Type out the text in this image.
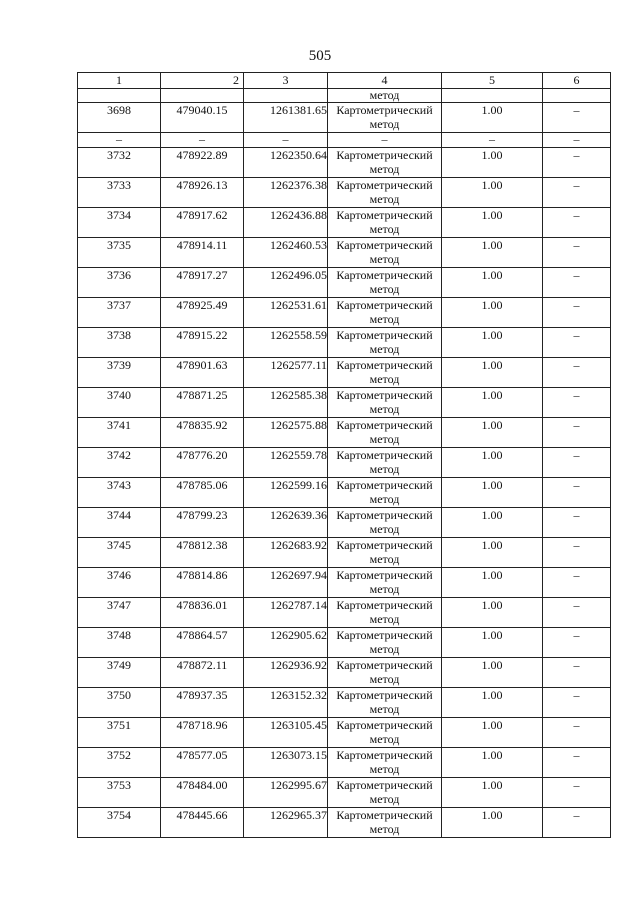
505
1	2	3	4	5	6
			метод		
3698	479040.15	1261381.65	Картометрический метод	1.00	–
–	–	–	–	–	–
3732	478922.89	1262350.64	Картометрический метод	1.00	–
3733	478926.13	1262376.38	Картометрический метод	1.00	–
3734	478917.62	1262436.88	Картометрический метод	1.00	–
3735	478914.11	1262460.53	Картометрический метод	1.00	–
3736	478917.27	1262496.05	Картометрический метод	1.00	–
3737	478925.49	1262531.61	Картометрический метод	1.00	–
3738	478915.22	1262558.59	Картометрический метод	1.00	–
3739	478901.63	1262577.11	Картометрический метод	1.00	–
3740	478871.25	1262585.38	Картометрический метод	1.00	–
3741	478835.92	1262575.88	Картометрический метод	1.00	–
3742	478776.20	1262559.78	Картометрический метод	1.00	–
3743	478785.06	1262599.16	Картометрический метод	1.00	–
3744	478799.23	1262639.36	Картометрический метод	1.00	–
3745	478812.38	1262683.92	Картометрический метод	1.00	–
3746	478814.86	1262697.94	Картометрический метод	1.00	–
3747	478836.01	1262787.14	Картометрический метод	1.00	–
3748	478864.57	1262905.62	Картометрический метод	1.00	–
3749	478872.11	1262936.92	Картометрический метод	1.00	–
3750	478937.35	1263152.32	Картометрический метод	1.00	–
3751	478718.96	1263105.45	Картометрический метод	1.00	–
3752	478577.05	1263073.15	Картометрический метод	1.00	–
3753	478484.00	1262995.67	Картометрический метод	1.00	–
3754	478445.66	1262965.37	Картометрический метод	1.00	–
